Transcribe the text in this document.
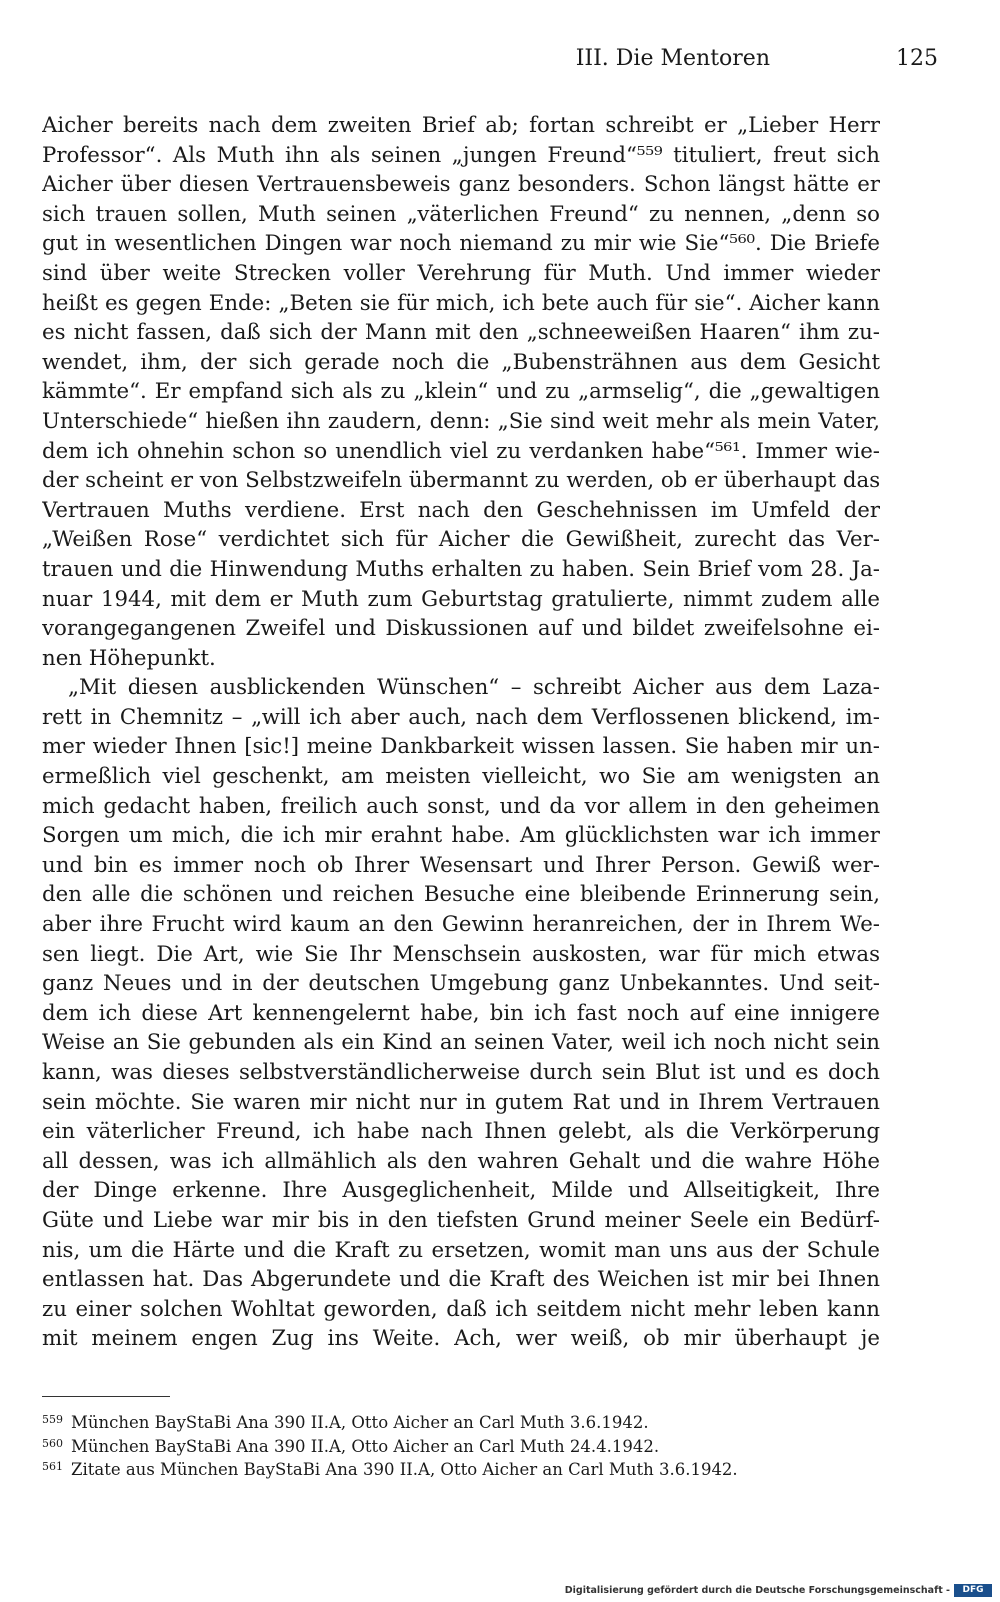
III. Die Mentoren	125
Aicher bereits nach dem zweiten Brief ab; fortan schreibt er „Lieber Herr
Professor“. Als Muth ihn als seinen „jungen Freund“⁵⁵⁹ tituliert, freut sich
Aicher über diesen Vertrauensbeweis ganz besonders. Schon längst hätte er
sich trauen sollen, Muth seinen „väterlichen Freund“ zu nennen, „denn so
gut in wesentlichen Dingen war noch niemand zu mir wie Sie“⁵⁶⁰. Die Briefe
sind über weite Strecken voller Verehrung für Muth. Und immer wieder
heißt es gegen Ende: „Beten sie für mich, ich bete auch für sie“. Aicher kann
es nicht fassen, daß sich der Mann mit den „schneeweißen Haaren“ ihm zu-
wendet, ihm, der sich gerade noch die „Bubensträhnen aus dem Gesicht
kämmte“. Er empfand sich als zu „klein“ und zu „armselig“, die „gewaltigen
Unterschiede“ hießen ihn zaudern, denn: „Sie sind weit mehr als mein Vater,
dem ich ohnehin schon so unendlich viel zu verdanken habe“⁵⁶¹. Immer wie-
der scheint er von Selbstzweifeln übermannt zu werden, ob er überhaupt das
Vertrauen Muths verdiene. Erst nach den Geschehnissen im Umfeld der
„Weißen Rose“ verdichtet sich für Aicher die Gewißheit, zurecht das Ver-
trauen und die Hinwendung Muths erhalten zu haben. Sein Brief vom 28. Ja-
nuar 1944, mit dem er Muth zum Geburtstag gratulierte, nimmt zudem alle
vorangegangenen Zweifel und Diskussionen auf und bildet zweifelsohne ei-
nen Höhepunkt.
„Mit diesen ausblickenden Wünschen“ – schreibt Aicher aus dem Laza-
rett in Chemnitz – „will ich aber auch, nach dem Verflossenen blickend, im-
mer wieder Ihnen [sic!] meine Dankbarkeit wissen lassen. Sie haben mir un-
ermeßlich viel geschenkt, am meisten vielleicht, wo Sie am wenigsten an
mich gedacht haben, freilich auch sonst, und da vor allem in den geheimen
Sorgen um mich, die ich mir erahnt habe. Am glücklichsten war ich immer
und bin es immer noch ob Ihrer Wesensart und Ihrer Person. Gewiß wer-
den alle die schönen und reichen Besuche eine bleibende Erinnerung sein,
aber ihre Frucht wird kaum an den Gewinn heranreichen, der in Ihrem We-
sen liegt. Die Art, wie Sie Ihr Menschsein auskosten, war für mich etwas
ganz Neues und in der deutschen Umgebung ganz Unbekanntes. Und seit-
dem ich diese Art kennengelernt habe, bin ich fast noch auf eine innigere
Weise an Sie gebunden als ein Kind an seinen Vater, weil ich noch nicht sein
kann, was dieses selbstverständlicherweise durch sein Blut ist und es doch
sein möchte. Sie waren mir nicht nur in gutem Rat und in Ihrem Vertrauen
ein väterlicher Freund, ich habe nach Ihnen gelebt, als die Verkörperung
all dessen, was ich allmählich als den wahren Gehalt und die wahre Höhe
der Dinge erkenne. Ihre Ausgeglichenheit, Milde und Allseitigkeit, Ihre
Güte und Liebe war mir bis in den tiefsten Grund meiner Seele ein Bedürf-
nis, um die Härte und die Kraft zu ersetzen, womit man uns aus der Schule
entlassen hat. Das Abgerundete und die Kraft des Weichen ist mir bei Ihnen
zu einer solchen Wohltat geworden, daß ich seitdem nicht mehr leben kann
mit meinem engen Zug ins Weite. Ach, wer weiß, ob mir überhaupt je
$^{559}$ München BayStaBi Ana 390 II.A, Otto Aicher an Carl Muth 3.6.1942.
$^{560}$ München BayStaBi Ana 390 II.A, Otto Aicher an Carl Muth 24.4.1942.
$^{561}$ Zitate aus München BayStaBi Ana 390 II.A, Otto Aicher an Carl Muth 3.6.1942.
Digitalisierung gefördert durch die Deutsche Forschungsgemeinschaft -	DFG
